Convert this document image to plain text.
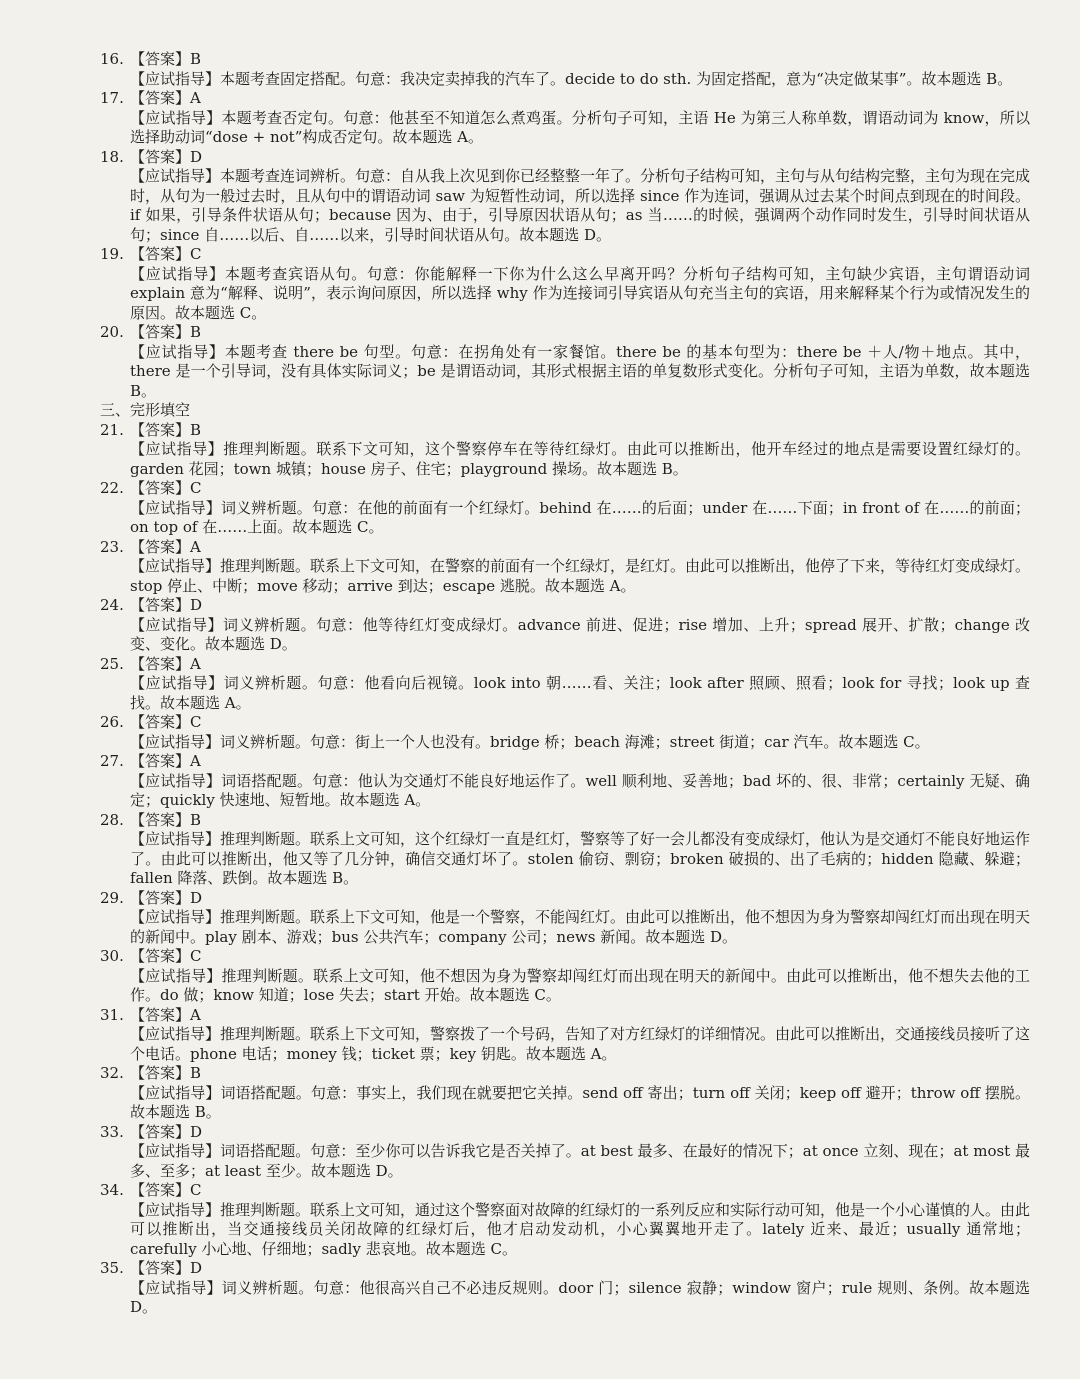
16. 【答案】B
【应试指导】本题考查固定搭配。句意：我决定卖掉我的汽车了。decide to do sth. 为固定搭配，意为“决定做某事”。故本题选 B。
17. 【答案】A
【应试指导】本题考查否定句。句意：他甚至不知道怎么煮鸡蛋。分析句子可知，主语 He 为第三人称单数，谓语动词为 know，所以选择助动词“dose + not”构成否定句。故本题选 A。
18. 【答案】D
【应试指导】本题考查连词辨析。句意：自从我上次见到你已经整整一年了。分析句子结构可知，主句与从句结构完整，主句为现在完成时，从句为一般过去时，且从句中的谓语动词 saw 为短暂性动词，所以选择 since 作为连词，强调从过去某个时间点到现在的时间段。if 如果，引导条件状语从句；because 因为、由于，引导原因状语从句；as 当……的时候，强调两个动作同时发生，引导时间状语从句；since 自……以后、自……以来，引导时间状语从句。故本题选 D。
19. 【答案】C
【应试指导】本题考查宾语从句。句意：你能解释一下你为什么这么早离开吗？分析句子结构可知，主句缺少宾语，主句谓语动词 explain 意为“解释、说明”，表示询问原因，所以选择 why 作为连接词引导宾语从句充当主句的宾语，用来解释某个行为或情况发生的原因。故本题选 C。
20. 【答案】B
【应试指导】本题考查 there be 句型。句意：在拐角处有一家餐馆。there be 的基本句型为：there be ＋人/物＋地点。其中，there 是一个引导词，没有具体实际词义；be 是谓语动词，其形式根据主语的单复数形式变化。分析句子可知，主语为单数，故本题选 B。
三、完形填空
21. 【答案】B
【应试指导】推理判断题。联系下文可知，这个警察停车在等待红绿灯。由此可以推断出，他开车经过的地点是需要设置红绿灯的。garden 花园；town 城镇；house 房子、住宅；playground 操场。故本题选 B。
22. 【答案】C
【应试指导】词义辨析题。句意：在他的前面有一个红绿灯。behind 在……的后面；under 在……下面；in front of 在……的前面；on top of 在……上面。故本题选 C。
23. 【答案】A
【应试指导】推理判断题。联系上下文可知，在警察的前面有一个红绿灯，是红灯。由此可以推断出，他停了下来，等待红灯变成绿灯。stop 停止、中断；move 移动；arrive 到达；escape 逃脱。故本题选 A。
24. 【答案】D
【应试指导】词义辨析题。句意：他等待红灯变成绿灯。advance 前进、促进；rise 增加、上升；spread 展开、扩散；change 改变、变化。故本题选 D。
25. 【答案】A
【应试指导】词义辨析题。句意：他看向后视镜。look into 朝……看、关注；look after 照顾、照看；look for 寻找；look up 查找。故本题选 A。
26. 【答案】C
【应试指导】词义辨析题。句意：街上一个人也没有。bridge 桥；beach 海滩；street 街道；car 汽车。故本题选 C。
27. 【答案】A
【应试指导】词语搭配题。句意：他认为交通灯不能良好地运作了。well 顺利地、妥善地；bad 坏的、很、非常；certainly 无疑、确定；quickly 快速地、短暂地。故本题选 A。
28. 【答案】B
【应试指导】推理判断题。联系上文可知，这个红绿灯一直是红灯，警察等了好一会儿都没有变成绿灯，他认为是交通灯不能良好地运作了。由此可以推断出，他又等了几分钟，确信交通灯坏了。stolen 偷窃、剽窃；broken 破损的、出了毛病的；hidden 隐藏、躲避；fallen 降落、跌倒。故本题选 B。
29. 【答案】D
【应试指导】推理判断题。联系上下文可知，他是一个警察，不能闯红灯。由此可以推断出，他不想因为身为警察却闯红灯而出现在明天的新闻中。play 剧本、游戏；bus 公共汽车；company 公司；news 新闻。故本题选 D。
30. 【答案】C
【应试指导】推理判断题。联系上文可知，他不想因为身为警察却闯红灯而出现在明天的新闻中。由此可以推断出，他不想失去他的工作。do 做；know 知道；lose 失去；start 开始。故本题选 C。
31. 【答案】A
【应试指导】推理判断题。联系上下文可知，警察拨了一个号码，告知了对方红绿灯的详细情况。由此可以推断出，交通接线员接听了这个电话。phone 电话；money 钱；ticket 票；key 钥匙。故本题选 A。
32. 【答案】B
【应试指导】词语搭配题。句意：事实上，我们现在就要把它关掉。send off 寄出；turn off 关闭；keep off 避开；throw off 摆脱。故本题选 B。
33. 【答案】D
【应试指导】词语搭配题。句意：至少你可以告诉我它是否关掉了。at best 最多、在最好的情况下；at once 立刻、现在；at most 最多、至多；at least 至少。故本题选 D。
34. 【答案】C
【应试指导】推理判断题。联系上文可知，通过这个警察面对故障的红绿灯的一系列反应和实际行动可知，他是一个小心谨慎的人。由此可以推断出，当交通接线员关闭故障的红绿灯后，他才启动发动机，小心翼翼地开走了。lately 近来、最近；usually 通常地；carefully 小心地、仔细地；sadly 悲哀地。故本题选 C。
35. 【答案】D
【应试指导】词义辨析题。句意：他很高兴自己不必违反规则。door 门；silence 寂静；window 窗户；rule 规则、条例。故本题选 D。
